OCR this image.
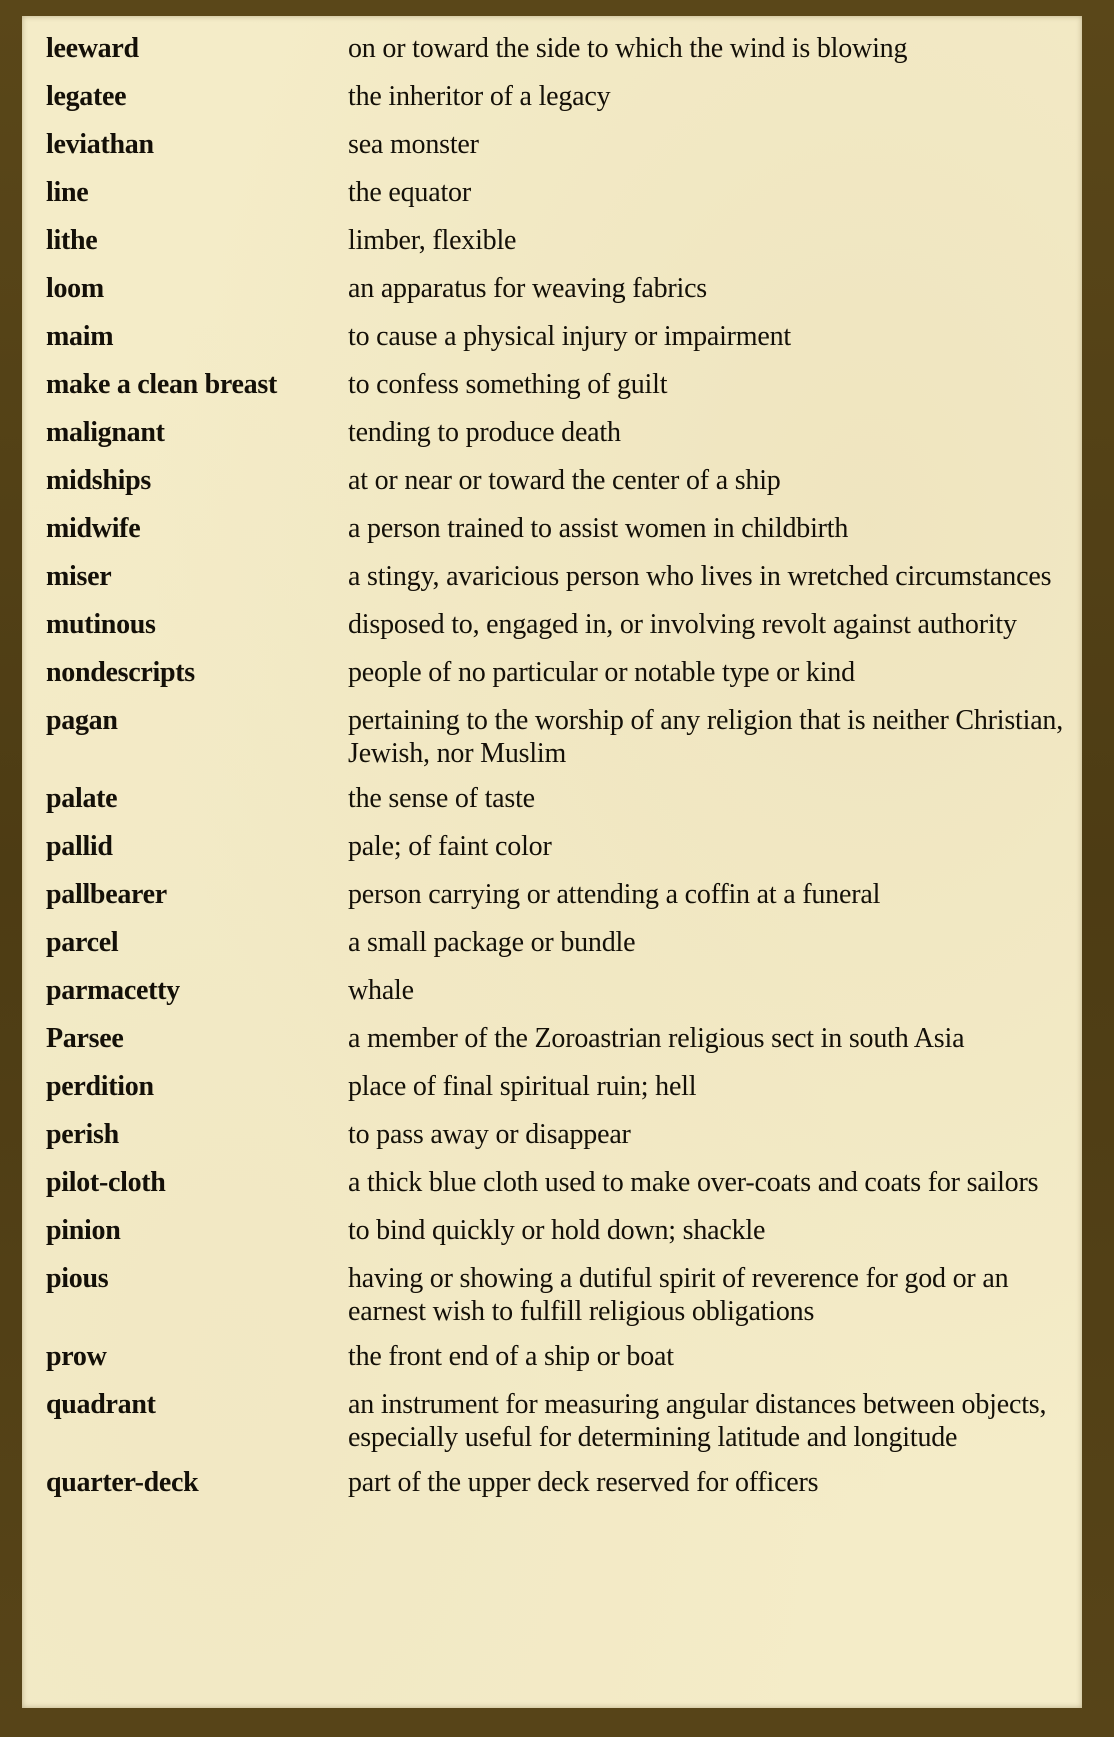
leeward	on or toward the side to which the wind is blowing
legatee	the inheritor of a legacy
leviathan	sea monster
line	the equator
lithe	limber, flexible
loom	an apparatus for weaving fabrics
maim	to cause a physical injury or impairment
make a clean breast	to confess something of guilt
malignant	tending to produce death
midships	at or near or toward the center of a ship
midwife	a person trained to assist women in childbirth
miser	a stingy, avaricious person who lives in wretched circumstances
mutinous	disposed to, engaged in, or involving revolt against authority
nondescripts	people of no particular or notable type or kind
pagan	pertaining to the worship of any religion that is neither Christian, Jewish, nor Muslim
palate	the sense of taste
pallid	pale; of faint color
pallbearer	person carrying or attending a coffin at a funeral
parcel	a small package or bundle
parmacetty	whale
Parsee	a member of the Zoroastrian religious sect in south Asia
perdition	place of final spiritual ruin; hell
perish	to pass away or disappear
pilot-cloth	a thick blue cloth used to make over-coats and coats for sailors
pinion	to bind quickly or hold down; shackle
pious	having or showing a dutiful spirit of reverence for god or an earnest wish to fulfill religious obligations
prow	the front end of a ship or boat
quadrant	an instrument for measuring angular distances between objects, especially useful for determining latitude and longitude
quarter-deck	part of the upper deck reserved for officers
